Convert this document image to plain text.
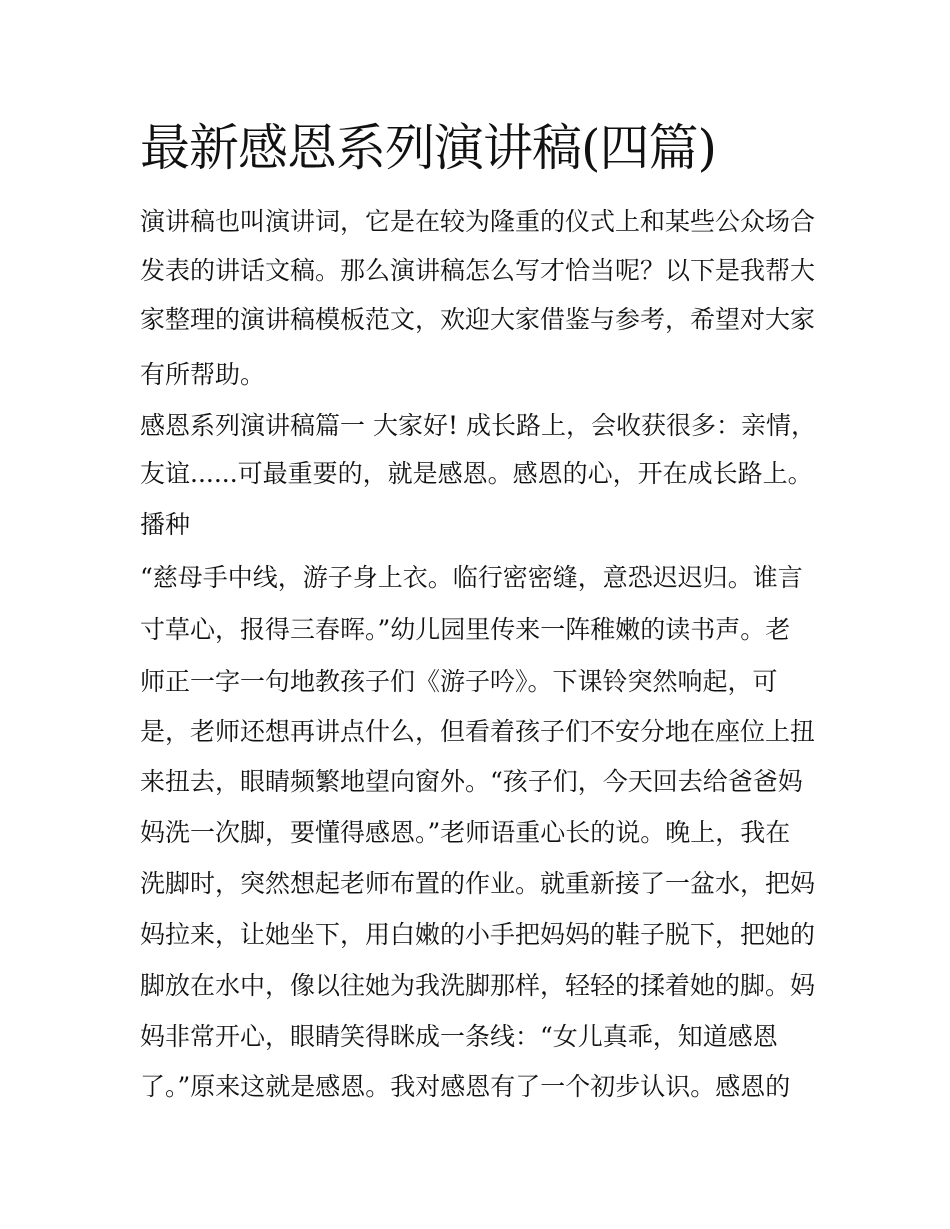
最新感恩系列演讲稿(四篇)

演讲稿也叫演讲词，它是在较为隆重的仪式上和某些公众场合

发表的讲话文稿。那么演讲稿怎么写才恰当呢？以下是我帮大

家整理的演讲稿模板范文，欢迎大家借鉴与参考，希望对大家

有所帮助。

感恩系列演讲稿篇一 大家好! 成长路上，会收获很多：亲情，

友谊......可最重要的，就是感恩。感恩的心，开在成长路上。

播种

“慈母手中线，游子身上衣。临行密密缝，意恐迟迟归。谁言

寸草心，报得三春晖。”幼儿园里传来一阵稚嫩的读书声。老

师正一字一句地教孩子们《游子吟》。下课铃突然响起，可

是，老师还想再讲点什么，但看着孩子们不安分地在座位上扭

来扭去，眼睛频繁地望向窗外。“孩子们，今天回去给爸爸妈

妈洗一次脚，要懂得感恩。”老师语重心长的说。晚上，我在

洗脚时，突然想起老师布置的作业。就重新接了一盆水，把妈

妈拉来，让她坐下，用白嫩的小手把妈妈的鞋子脱下，把她的

脚放在水中，像以往她为我洗脚那样，轻轻的揉着她的脚。妈

妈非常开心，眼睛笑得眯成一条线：“女儿真乖，知道感恩

了。”原来这就是感恩。我对感恩有了一个初步认识。感恩的
